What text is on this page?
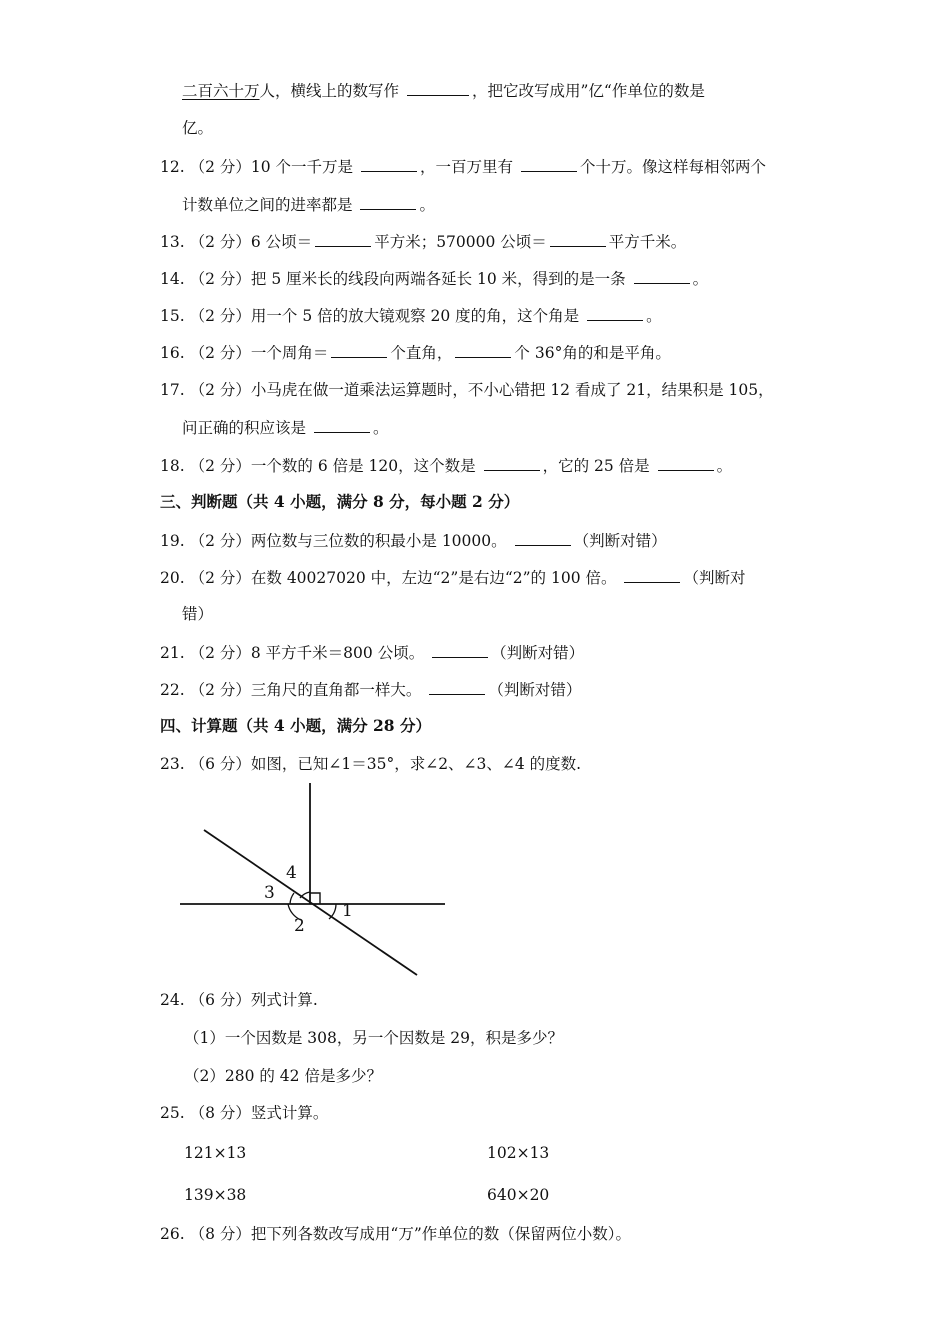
二百六十万人，横线上的数写作	，把它改写成用”亿“作单位的数是
亿。
12. （2 分）10 个一千万是	，一百万里有	个十万。像这样每相邻两个
计数单位之间的进率都是	。
13. （2 分）6 公顷＝	平方米；570000 公顷＝	平方千米。
14. （2 分）把 5 厘米长的线段向两端各延长 10 米，得到的是一条	。
15. （2 分）用一个 5 倍的放大镜观察 20 度的角，这个角是	。
16. （2 分）一个周角＝	个直角，	个 36°角的和是平角。
17. （2 分）小马虎在做一道乘法运算题时，不小心错把 12 看成了 21，结果积是 105，
问正确的积应该是	。
18. （2 分）一个数的 6 倍是 120，这个数是	，它的 25 倍是	。
三、判断题（共 4 小题，满分 8 分，每小题 2 分）
19. （2 分）两位数与三位数的积最小是 10000。	（判断对错）
20. （2 分）在数 40027020 中，左边“2”是右边“2”的 100 倍。	（判断对
错）
21. （2 分）8 平方千米＝800 公顷。	（判断对错）
22. （2 分）三角尺的直角都一样大。	（判断对错）
四、计算题（共 4 小题，满分 28 分）
23. （6 分）如图，已知∠1＝35°，求∠2、∠3、∠4 的度数.
4
3
2
1
24. （6 分）列式计算.
（1）一个因数是 308，另一个因数是 29，积是多少？
（2）280 的 42 倍是多少？
25. （8 分）竖式计算。
121×13	102×13
139×38	640×20
26. （8 分）把下列各数改写成用“万”作单位的数（保留两位小数）。
